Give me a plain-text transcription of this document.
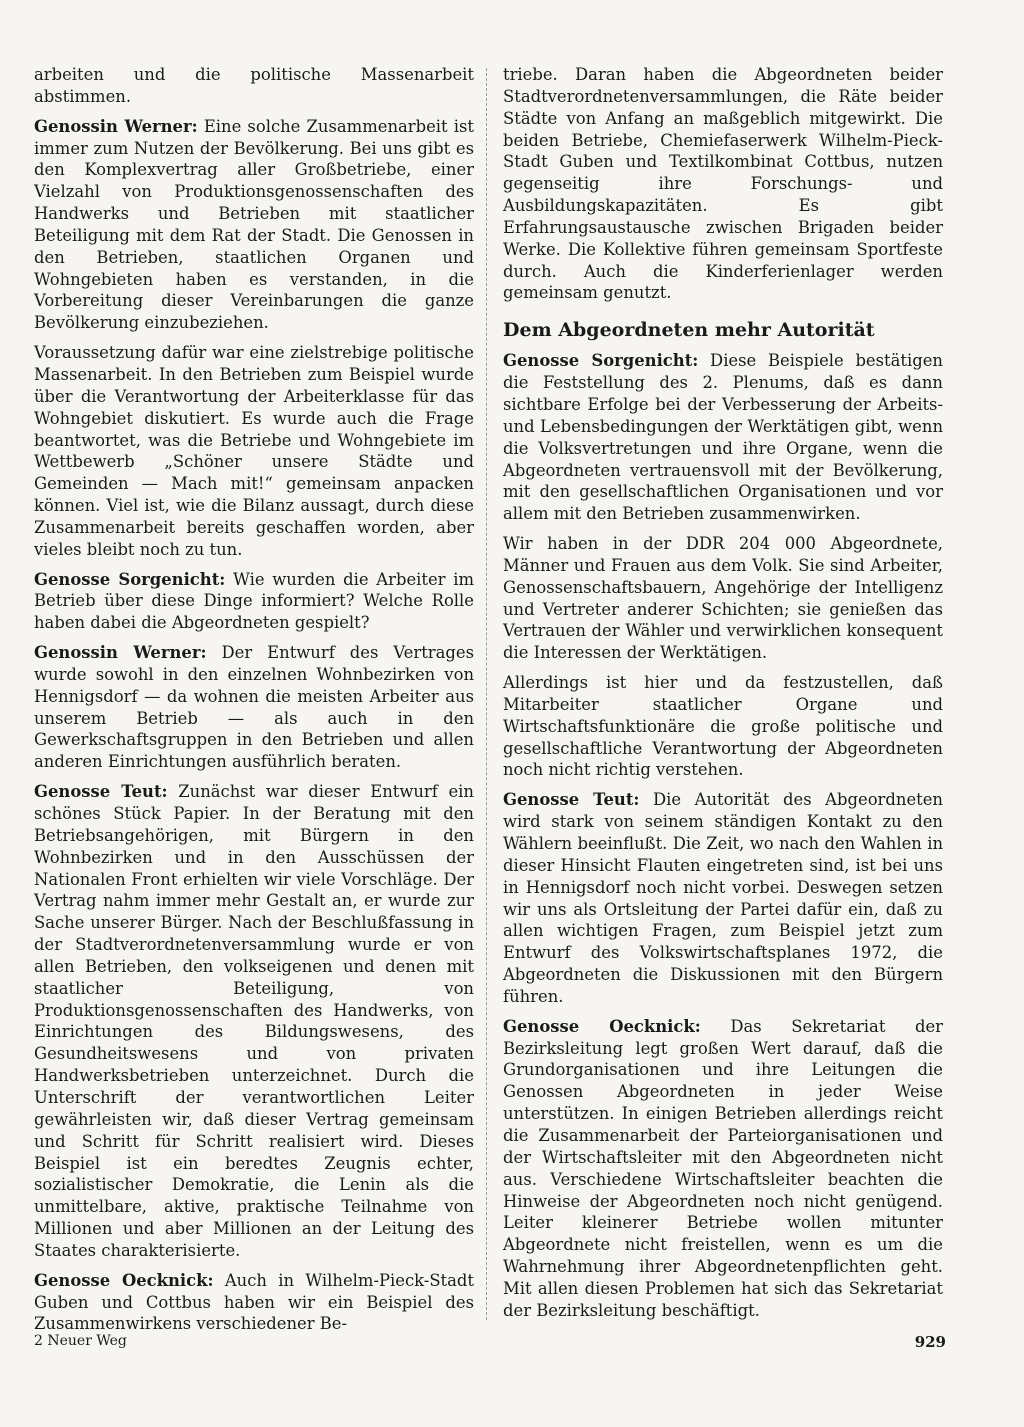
arbeiten und die politische Massenarbeit abstimmen.

Genossin Werner: Eine solche Zusammenarbeit ist immer zum Nutzen der Bevölkerung. Bei uns gibt es den Komplexvertrag aller Großbetriebe, einer Vielzahl von Produktionsgenossenschaften des Handwerks und Betrieben mit staatlicher Beteiligung mit dem Rat der Stadt. Die Genossen in den Betrieben, staatlichen Organen und Wohngebieten haben es verstanden, in die Vorbereitung dieser Vereinbarungen die ganze Bevölkerung einzubeziehen.

Voraussetzung dafür war eine zielstrebige politische Massenarbeit. In den Betrieben zum Beispiel wurde über die Verantwortung der Arbeiterklasse für das Wohngebiet diskutiert. Es wurde auch die Frage beantwortet, was die Betriebe und Wohngebiete im Wettbewerb „Schöner unsere Städte und Gemeinden — Mach mit!“ gemeinsam anpacken können. Viel ist, wie die Bilanz aussagt, durch diese Zusammenarbeit bereits geschaffen worden, aber vieles bleibt noch zu tun.

Genosse Sorgenicht: Wie wurden die Arbeiter im Betrieb über diese Dinge informiert? Welche Rolle haben dabei die Abgeordneten gespielt?

Genossin Werner: Der Entwurf des Vertrages wurde sowohl in den einzelnen Wohnbezirken von Hennigsdorf — da wohnen die meisten Arbeiter aus unserem Betrieb — als auch in den Gewerkschaftsgruppen in den Betrieben und allen anderen Einrichtungen ausführlich beraten.

Genosse Teut: Zunächst war dieser Entwurf ein schönes Stück Papier. In der Beratung mit den Betriebsangehörigen, mit Bürgern in den Wohnbezirken und in den Ausschüssen der Nationalen Front erhielten wir viele Vorschläge. Der Vertrag nahm immer mehr Gestalt an, er wurde zur Sache unserer Bürger. Nach der Beschlußfassung in der Stadtverordnetenversammlung wurde er von allen Betrieben, den volkseigenen und denen mit staatlicher Beteiligung, von Produktionsgenossenschaften des Handwerks, von Einrichtungen des Bildungswesens, des Gesundheitswesens und von privaten Handwerksbetrieben unterzeichnet. Durch die Unterschrift der verantwortlichen Leiter gewährleisten wir, daß dieser Vertrag gemeinsam und Schritt für Schritt realisiert wird. Dieses Beispiel ist ein beredtes Zeugnis echter, sozialistischer Demokratie, die Lenin als die unmittelbare, aktive, praktische Teilnahme von Millionen und aber Millionen an der Leitung des Staates charakterisierte.

Genosse Oecknick: Auch in Wilhelm-Pieck-Stadt Guben und Cottbus haben wir ein Beispiel des Zusammenwirkens verschiedener Be-

triebe. Daran haben die Abgeordneten beider Stadtverordnetenversammlungen, die Räte beider Städte von Anfang an maßgeblich mitgewirkt. Die beiden Betriebe, Chemiefaserwerk Wilhelm-Pieck-Stadt Guben und Textilkombinat Cottbus, nutzen gegenseitig ihre Forschungs- und Ausbildungskapazitäten. Es gibt Erfahrungsaustausche zwischen Brigaden beider Werke. Die Kollektive führen gemeinsam Sportfeste durch. Auch die Kinderferienlager werden gemeinsam genutzt.

Dem Abgeordneten mehr Autorität

Genosse Sorgenicht: Diese Beispiele bestätigen die Feststellung des 2. Plenums, daß es dann sichtbare Erfolge bei der Verbesserung der Arbeits- und Lebensbedingungen der Werktätigen gibt, wenn die Volksvertretungen und ihre Organe, wenn die Abgeordneten vertrauensvoll mit der Bevölkerung, mit den gesellschaftlichen Organisationen und vor allem mit den Betrieben zusammenwirken.

Wir haben in der DDR 204 000 Abgeordnete, Männer und Frauen aus dem Volk. Sie sind Arbeiter, Genossenschaftsbauern, Angehörige der Intelligenz und Vertreter anderer Schichten; sie genießen das Vertrauen der Wähler und verwirklichen konsequent die Interessen der Werktätigen.

Allerdings ist hier und da festzustellen, daß Mitarbeiter staatlicher Organe und Wirtschaftsfunktionäre die große politische und gesellschaftliche Verantwortung der Abgeordneten noch nicht richtig verstehen.

Genosse Teut: Die Autorität des Abgeordneten wird stark von seinem ständigen Kontakt zu den Wählern beeinflußt. Die Zeit, wo nach den Wahlen in dieser Hinsicht Flauten eingetreten sind, ist bei uns in Hennigsdorf noch nicht vorbei. Deswegen setzen wir uns als Ortsleitung der Partei dafür ein, daß zu allen wichtigen Fragen, zum Beispiel jetzt zum Entwurf des Volkswirtschaftsplanes 1972, die Abgeordneten die Diskussionen mit den Bürgern führen.

Genosse Oecknick: Das Sekretariat der Bezirksleitung legt großen Wert darauf, daß die Grundorganisationen und ihre Leitungen die Genossen Abgeordneten in jeder Weise unterstützen. In einigen Betrieben allerdings reicht die Zusammenarbeit der Parteiorganisationen und der Wirtschaftsleiter mit den Abgeordneten nicht aus. Verschiedene Wirtschaftsleiter beachten die Hinweise der Abgeordneten noch nicht genügend. Leiter kleinerer Betriebe wollen mitunter Abgeordnete nicht freistellen, wenn es um die Wahrnehmung ihrer Abgeordnetenpflichten geht. Mit allen diesen Problemen hat sich das Sekretariat der Bezirksleitung beschäftigt.

2 Neuer Weg	929
